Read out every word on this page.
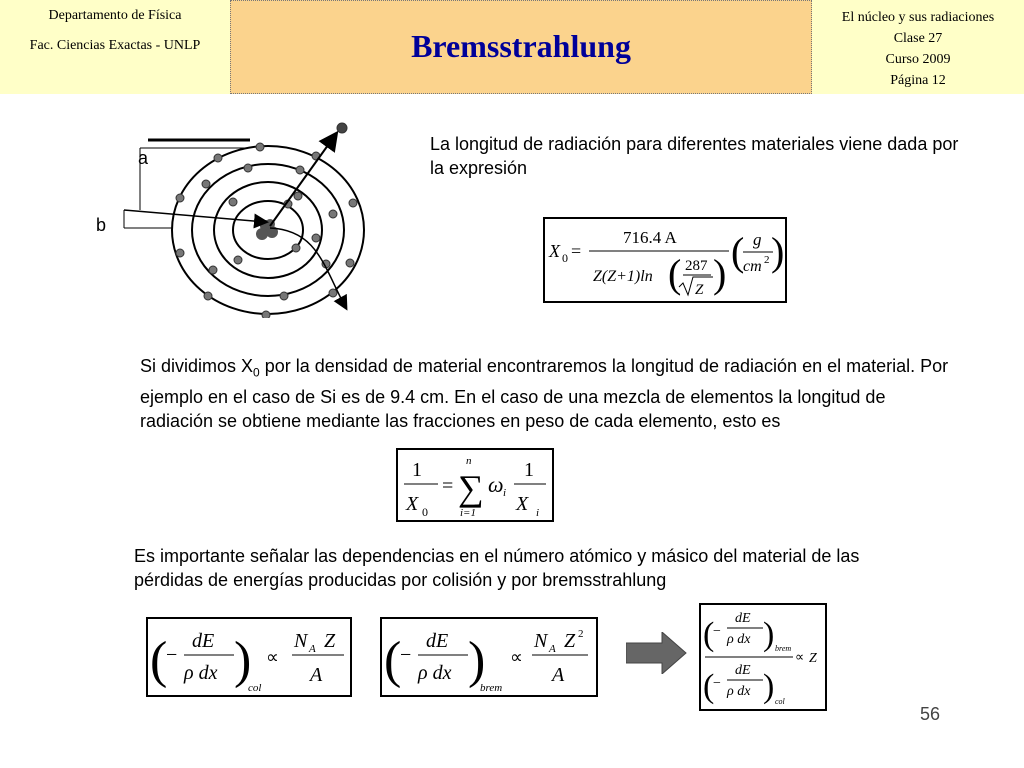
Departamento de Física
Fac. Ciencias Exactas - UNLP	Bremsstrahlung
El núcleo y sus radiaciones
Clase 27
Curso 2009
Página 12
a
b
La longitud de radiación para diferentes materiales viene dada por la expresión
X 0 =
716.4 A
Z(Z+1)ln ( 287
Z ) ( g
cm 2 )
Si dividimos $X_0$ por la densidad de material encontraremos la longitud de radiación en el material. Por ejemplo en el caso de Si es de 9.4 cm. En el caso de una mezcla de elementos la longitud de radiación se obtiene mediante las fracciones en peso de cada elemento, esto es
1
X 0
=
n
∑
i=1
ω i
1
X i
Es importante señalar las dependencias en el número atómico y másico del material de las pérdidas de energías producidas por colisión y por bremsstrahlung
(
−
dE
ρ dx )
col
∝
N A Z
A (
−
dE
ρ dx )
brem
∝
N A Z 2
A
(
−
dE
ρ dx ) brem
(
−
dE
ρ dx ) col
∝ Z
56
